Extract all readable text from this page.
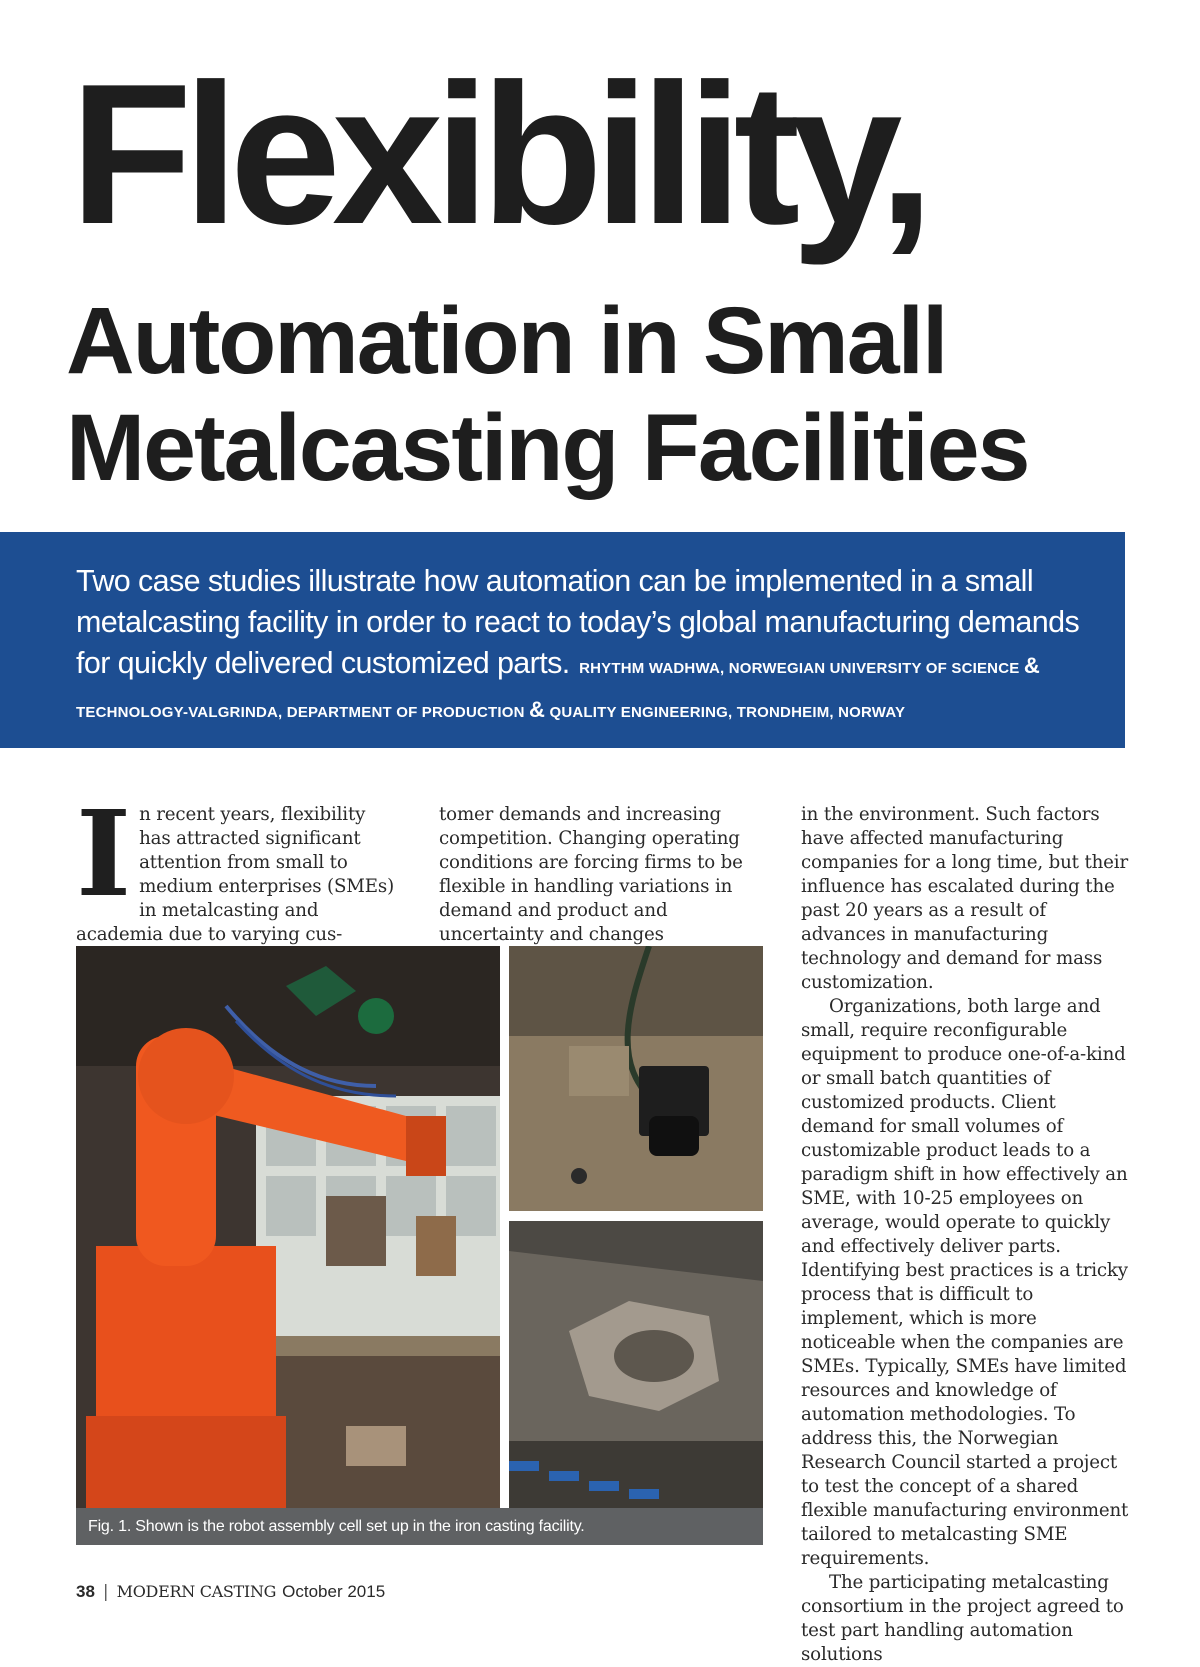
Flexibility,
Automation in Small
Metalcasting Facilities
Two case studies illustrate how automation can be implemented in a small metalcasting facility in order to react to today’s global manufacturing demands for quickly delivered customized parts. RHYTHM WADHWA, NORWEGIAN UNIVERSITY OF SCIENCE &
TECHNOLOGY-VALGRINDA, DEPARTMENT OF PRODUCTION & QUALITY ENGINEERING, TRONDHEIM, NORWAY
I n recent years, flexibility has attracted significant attention from small to medium enterprises (SMEs) in metalcasting and academia due to varying cus-

tomer demands and increasing competition. Changing operating conditions are forcing firms to be flexible in handling variations in demand and product and uncertainty and changes

in the environment. Such factors have affected manufacturing companies for a long time, but their influence has escalated during the past 20 years as a result of advances in manufacturing technology and demand for mass customization.

Organizations, both large and small, require reconfigurable equipment to produce one-of-a-kind or small batch quantities of customized products. Client demand for small volumes of customizable product leads to a paradigm shift in how effectively an SME, with 10-25 employees on average, would operate to quickly and effectively deliver parts. Identifying best practices is a tricky process that is difficult to implement, which is more noticeable when the companies are SMEs. Typically, SMEs have limited resources and knowledge of automation methodologies. To address this, the Norwegian Research Council started a project to test the concept of a shared flexible manufacturing environment tailored to metalcasting SME requirements.

The participating metalcasting consortium in the project agreed to test part handling automation solutions

Fig. 1. Shown is the robot assembly cell set up in the iron casting facility.
38 | MODERN CASTING October 2015
